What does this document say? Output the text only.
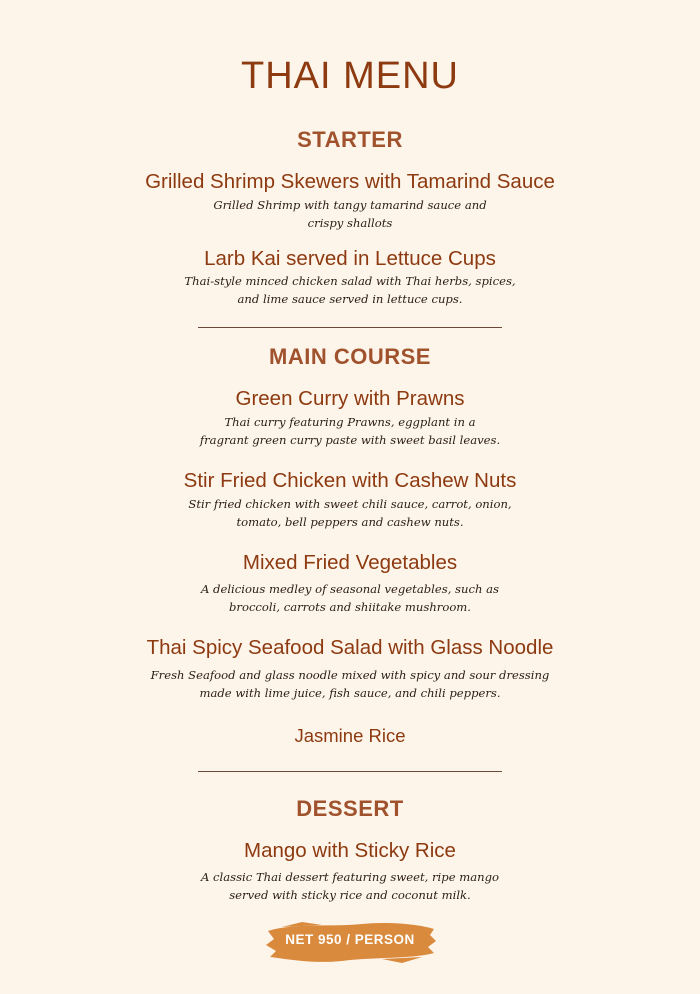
THAI MENU
STARTER
Grilled Shrimp Skewers with Tamarind Sauce
Grilled Shrimp with tangy tamarind sauce and
crispy shallots
Larb Kai served in Lettuce Cups
Thai-style minced chicken salad with Thai herbs, spices,
and lime sauce served in lettuce cups.
MAIN COURSE
Green Curry with Prawns
Thai curry featuring Prawns, eggplant in a
fragrant green curry paste with sweet basil leaves.
Stir Fried Chicken with Cashew Nuts
Stir fried chicken with sweet chili sauce, carrot, onion,
tomato, bell peppers and cashew nuts.
Mixed Fried Vegetables
A delicious medley of seasonal vegetables, such as
broccoli, carrots and shiitake mushroom.
Thai Spicy Seafood Salad with Glass Noodle
Fresh Seafood and glass noodle mixed with spicy and sour dressing
made with lime juice, fish sauce, and chili peppers.
Jasmine Rice
DESSERT
Mango with Sticky Rice
A classic Thai dessert featuring sweet, ripe mango
served with sticky rice and coconut milk.
NET 950 / PERSON
